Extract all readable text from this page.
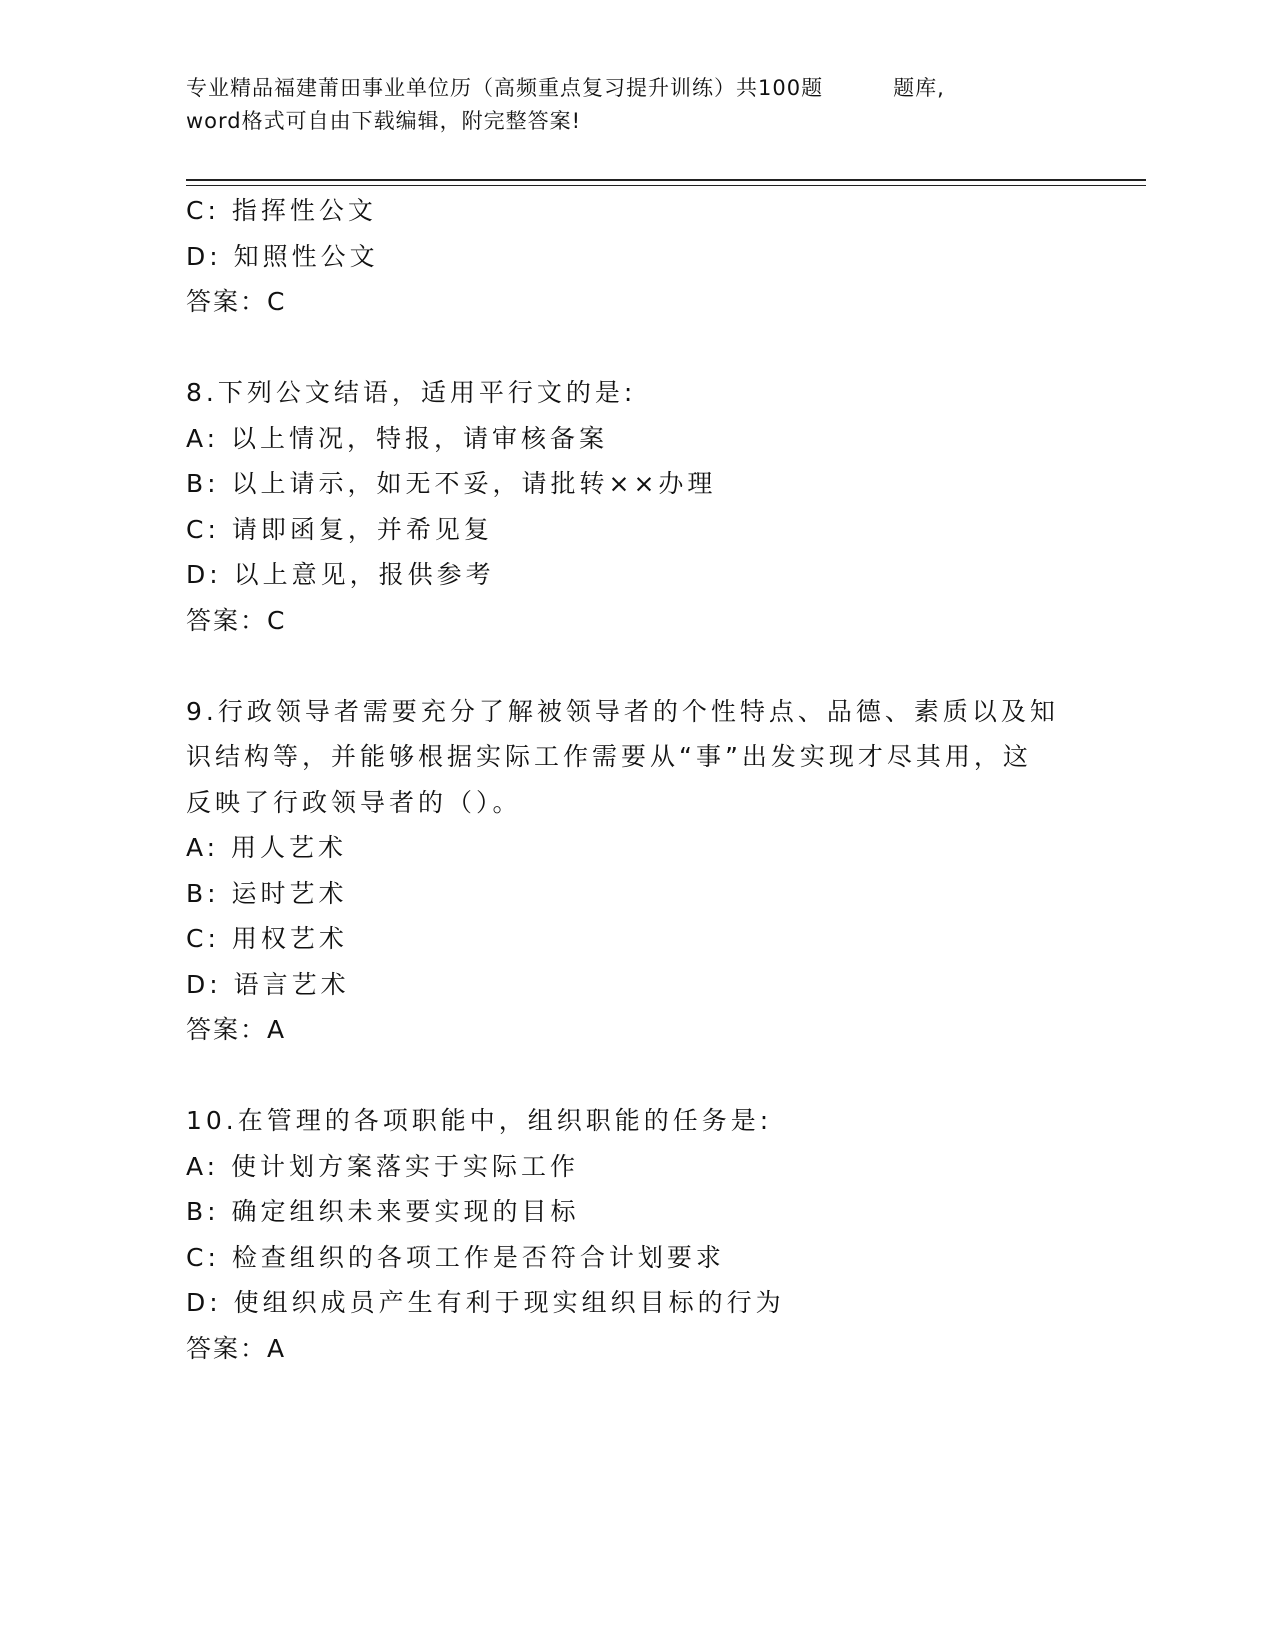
专业精品福建莆田事业单位历（高频重点复习提升训练）共100题	题库,
word格式可自由下载编辑，附完整答案!
C: 指挥性公文
D: 知照性公文
答案：C
8.下列公文结语，适用平行文的是:
A: 以上情况，特报，请审核备案
B: 以上请示，如无不妥，请批转××办理
C: 请即函复，并希见复
D: 以上意见，报供参考
答案：C
9.行政领导者需要充分了解被领导者的个性特点、品德、素质以及知
识结构等，并能够根据实际工作需要从“事”出发实现才尽其用，这
反映了行政领导者的（）。
A: 用人艺术
B: 运时艺术
C: 用权艺术
D: 语言艺术
答案：A
10.在管理的各项职能中，组织职能的任务是:
A: 使计划方案落实于实际工作
B: 确定组织未来要实现的目标
C: 检查组织的各项工作是否符合计划要求
D: 使组织成员产生有利于现实组织目标的行为
答案：A
